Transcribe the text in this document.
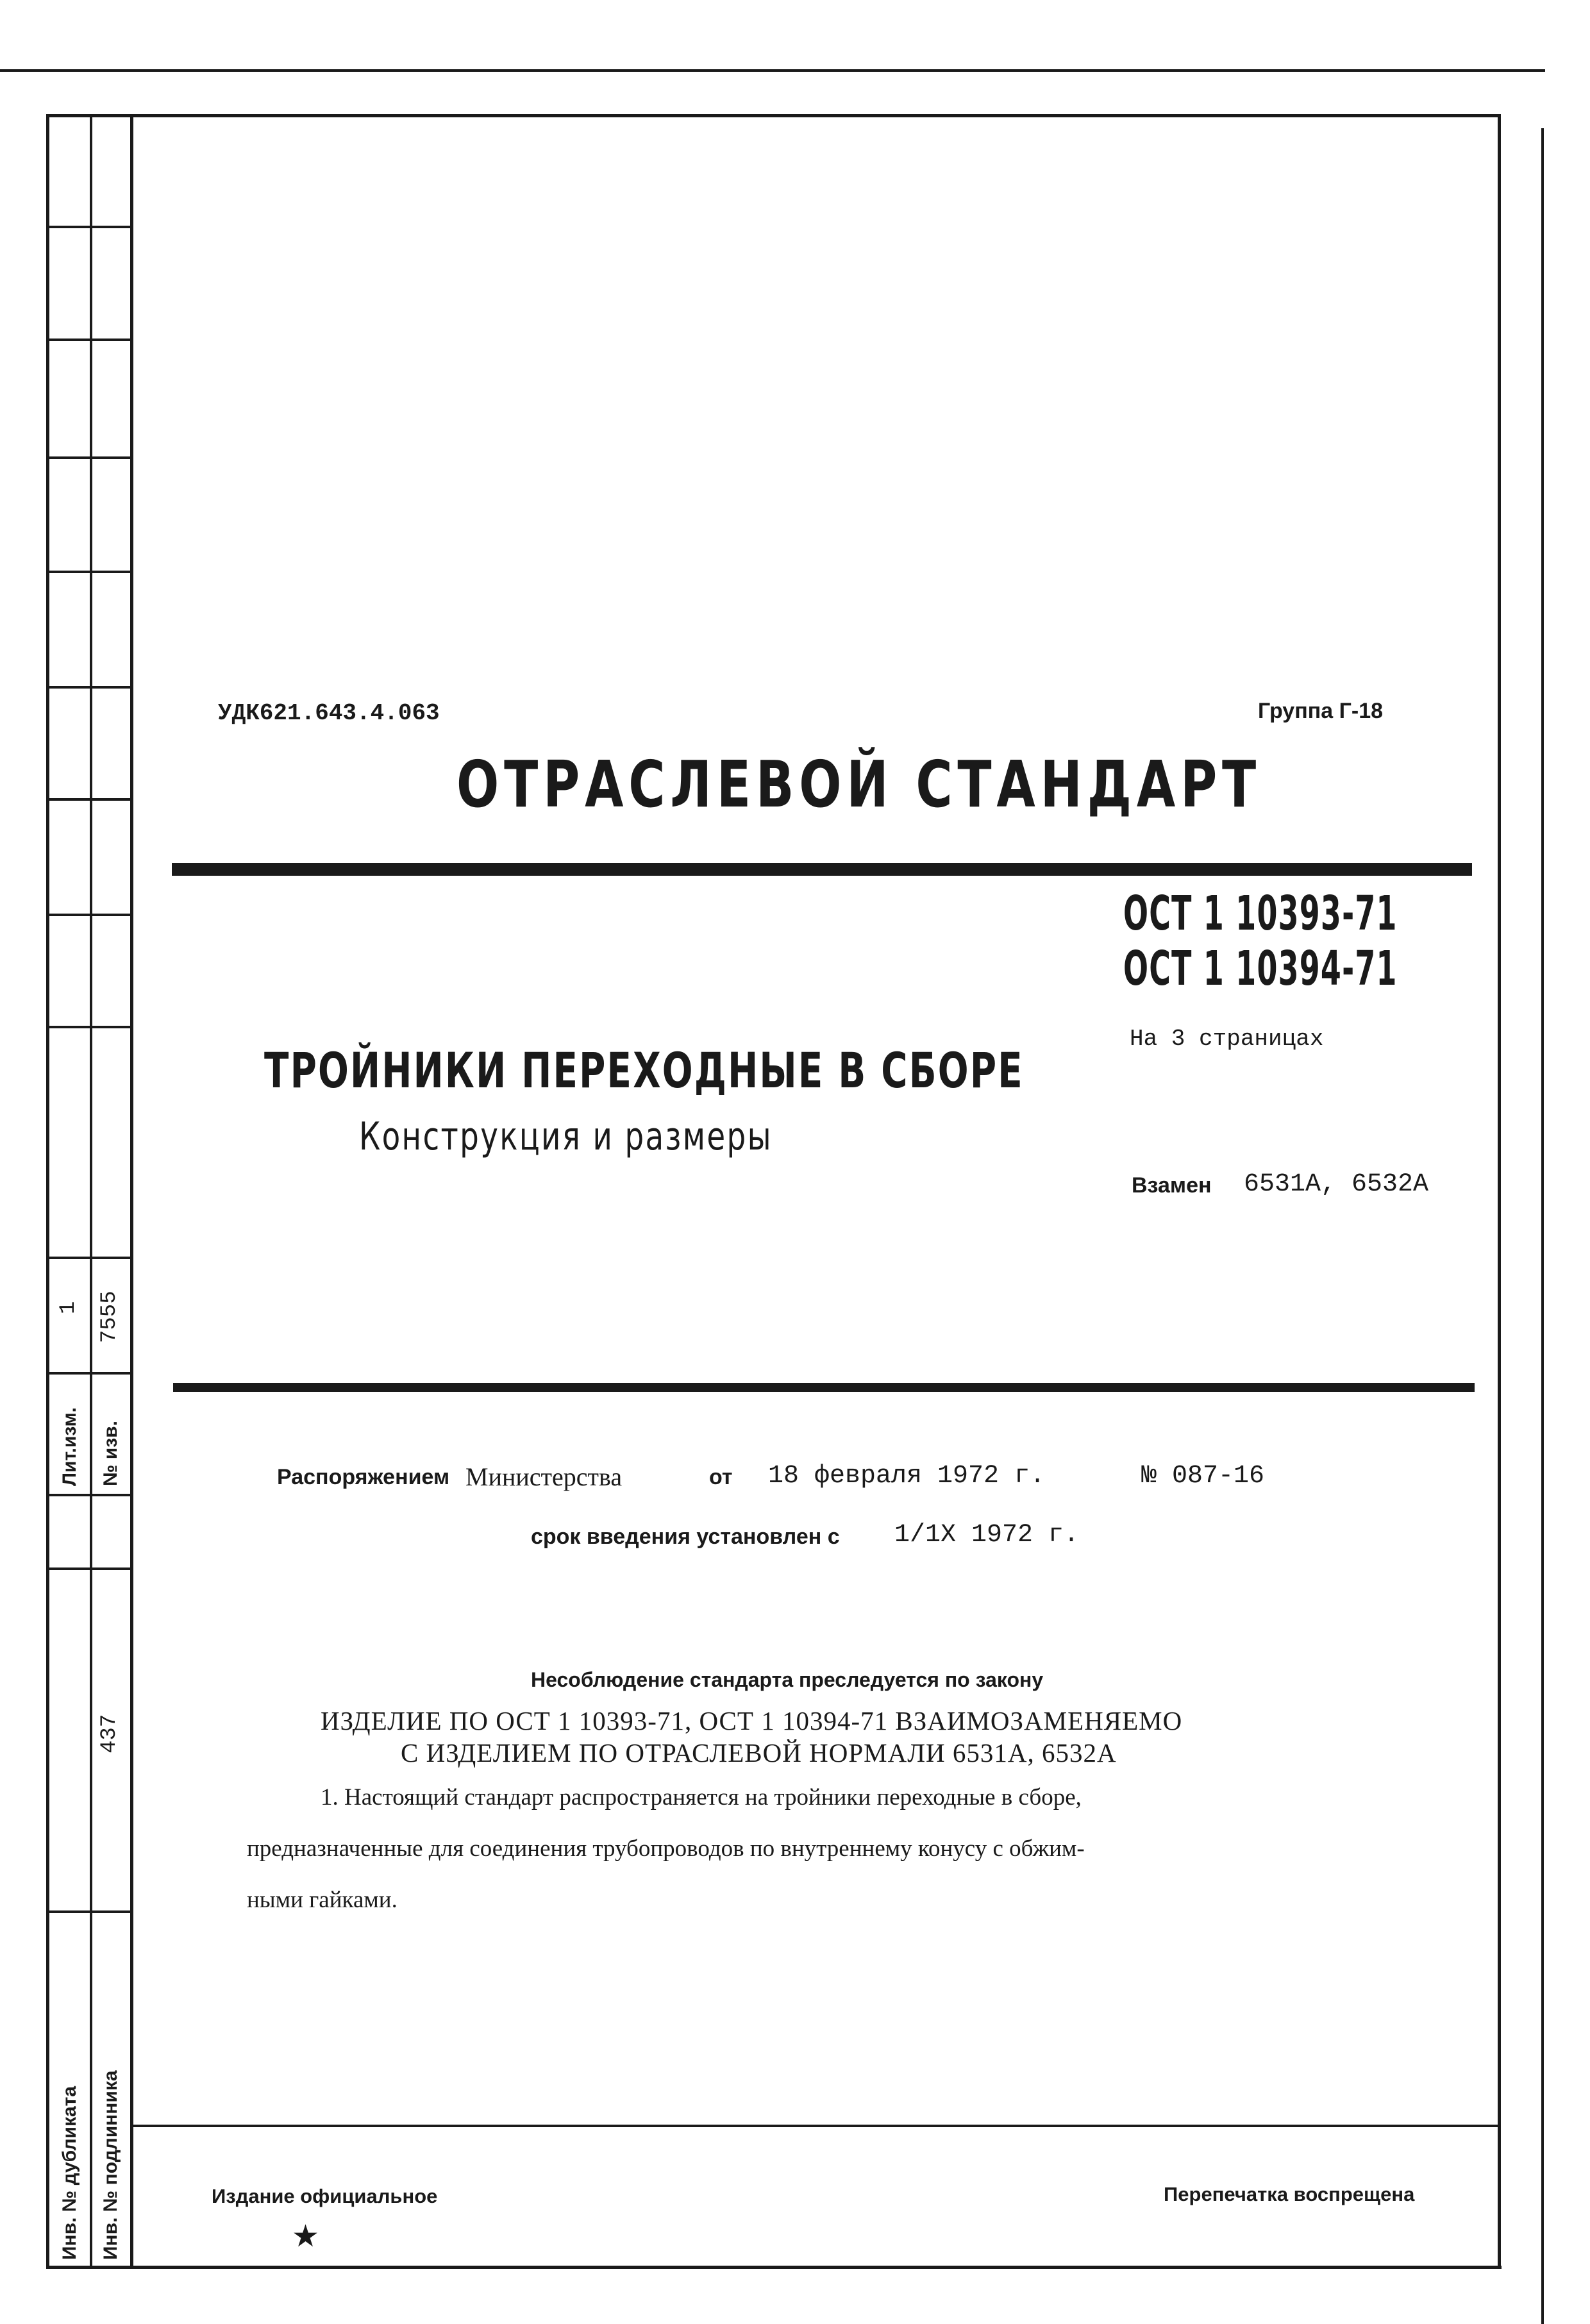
1 7555
Лит.изм. № изв.
437
Инв. № дубликата Инв. № подлинника
УДК621.643.4.063	Группа Г-18
ОТРАСЛЕВОЙ СТАНДАРТ
ОСТ 1 10393-71
ОСТ 1 10394-71
На 3 страницах
ТРОЙНИКИ ПЕРЕХОДНЫЕ В СБОРЕ
Конструкция и размеры
Взамен 6531А, 6532А
Распоряжением Министерства	от 18 февраля 1972 г.	№ 087-16
срок введения установлен с 1/1Х 1972 г.
Несоблюдение стандарта преследуется по закону
ИЗДЕЛИЕ ПО ОСТ 1 10393-71, ОСТ 1 10394-71 ВЗАИМОЗАМЕНЯЕМО
С ИЗДЕЛИЕМ ПО ОТРАСЛЕВОЙ НОРМАЛИ 6531А, 6532А
1. Настоящий стандарт распространяется на тройники переходные в сборе,
предназначенные для соединения трубопроводов по внутреннему конусу с обжим-
ными гайками.
Издание официальное
★
Перепечатка воспрещена
